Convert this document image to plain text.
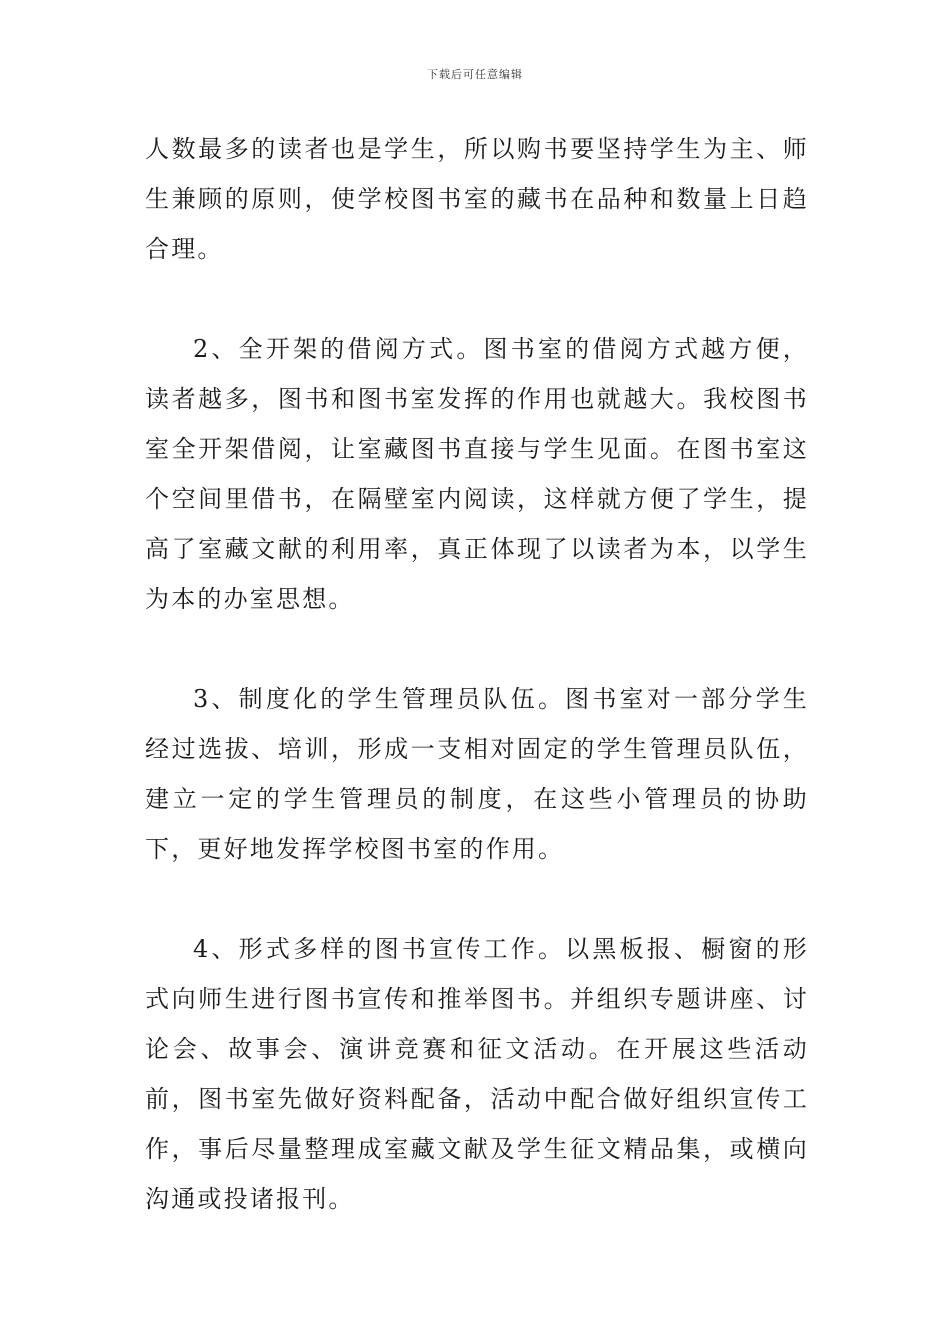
下载后可任意编辑

人数最多的读者也是学生，所以购书要坚持学生为主、师生兼顾的原则，使学校图书室的藏书在品种和数量上日趋合理。

2、全开架的借阅方式。图书室的借阅方式越方便，读者越多，图书和图书室发挥的作用也就越大。我校图书室全开架借阅，让室藏图书直接与学生见面。在图书室这个空间里借书，在隔壁室内阅读，这样就方便了学生，提高了室藏文献的利用率，真正体现了以读者为本，以学生为本的办室思想。

3、制度化的学生管理员队伍。图书室对一部分学生经过选拔、培训，形成一支相对固定的学生管理员队伍，建立一定的学生管理员的制度，在这些小管理员的协助下，更好地发挥学校图书室的作用。

4、形式多样的图书宣传工作。以黑板报、橱窗的形式向师生进行图书宣传和推举图书。并组织专题讲座、讨论会、故事会、演讲竞赛和征文活动。在开展这些活动前，图书室先做好资料配备，活动中配合做好组织宣传工作，事后尽量整理成室藏文献及学生征文精品集，或横向沟通或投诸报刊。
